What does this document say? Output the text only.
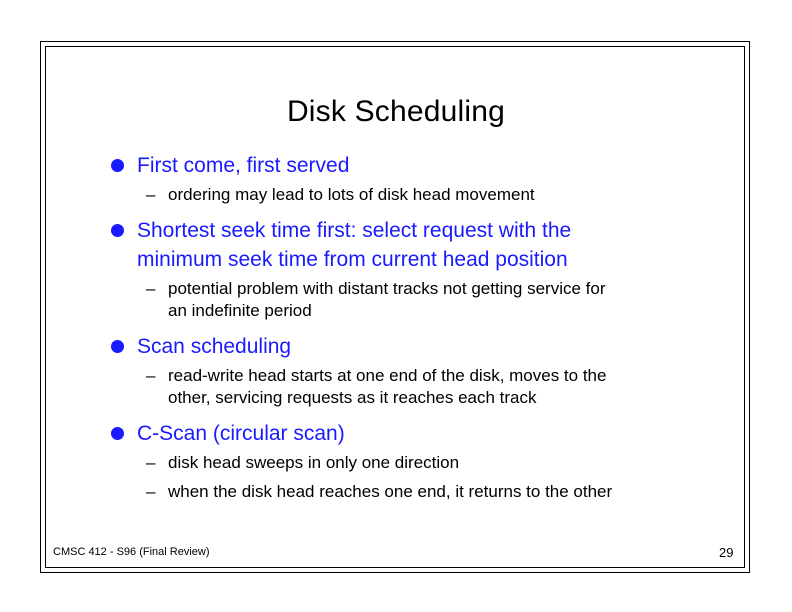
Disk Scheduling
First come, first served
– ordering may lead to lots of disk head movement
Shortest seek time first: select request with the
minimum seek time from current head position
– potential problem with distant tracks not getting service for
an indefinite period
Scan scheduling
– read-write head starts at one end of the disk, moves to the
other, servicing requests as it reaches each track
C-Scan (circular scan)
– disk head sweeps in only one direction
– when the disk head reaches one end, it returns to the other
CMSC 412 - S96 (Final Review)	29
